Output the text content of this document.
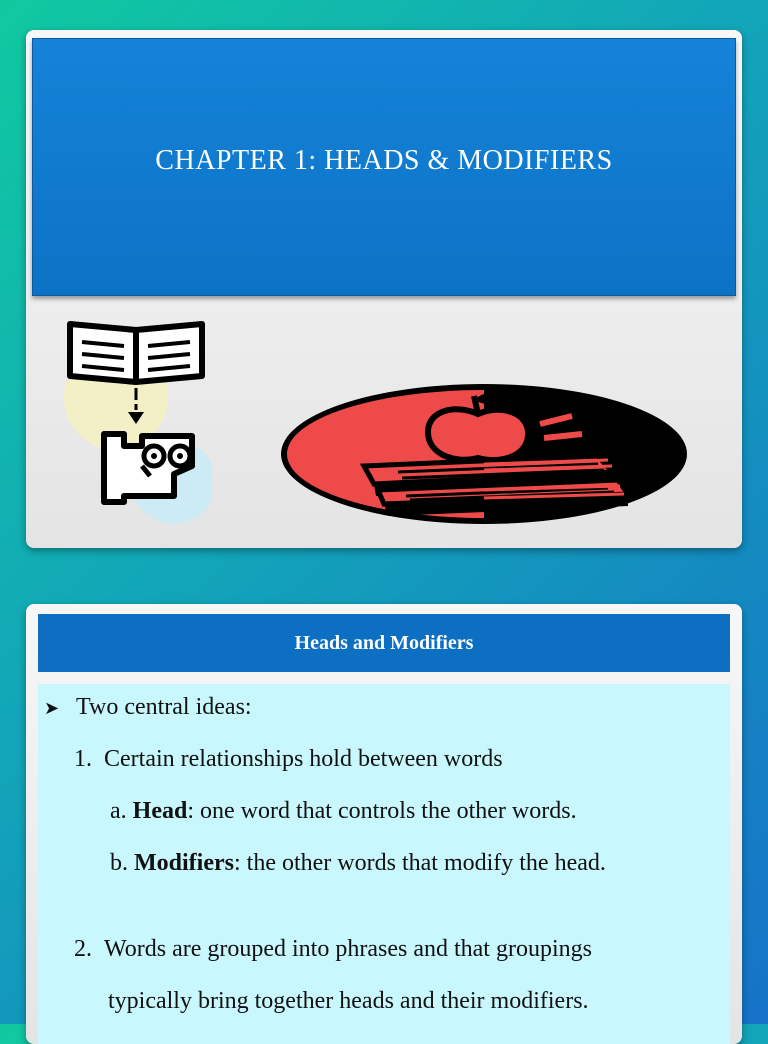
CHAPTER 1: HEADS & MODIFIERS
Heads and Modifiers
➤ Two central ideas:
1. Certain relationships hold between words
a. Head: one word that controls the other words.
b. Modifiers: the other words that modify the head.
2. Words are grouped into phrases and that groupings
typically bring together heads and their modifiers.
